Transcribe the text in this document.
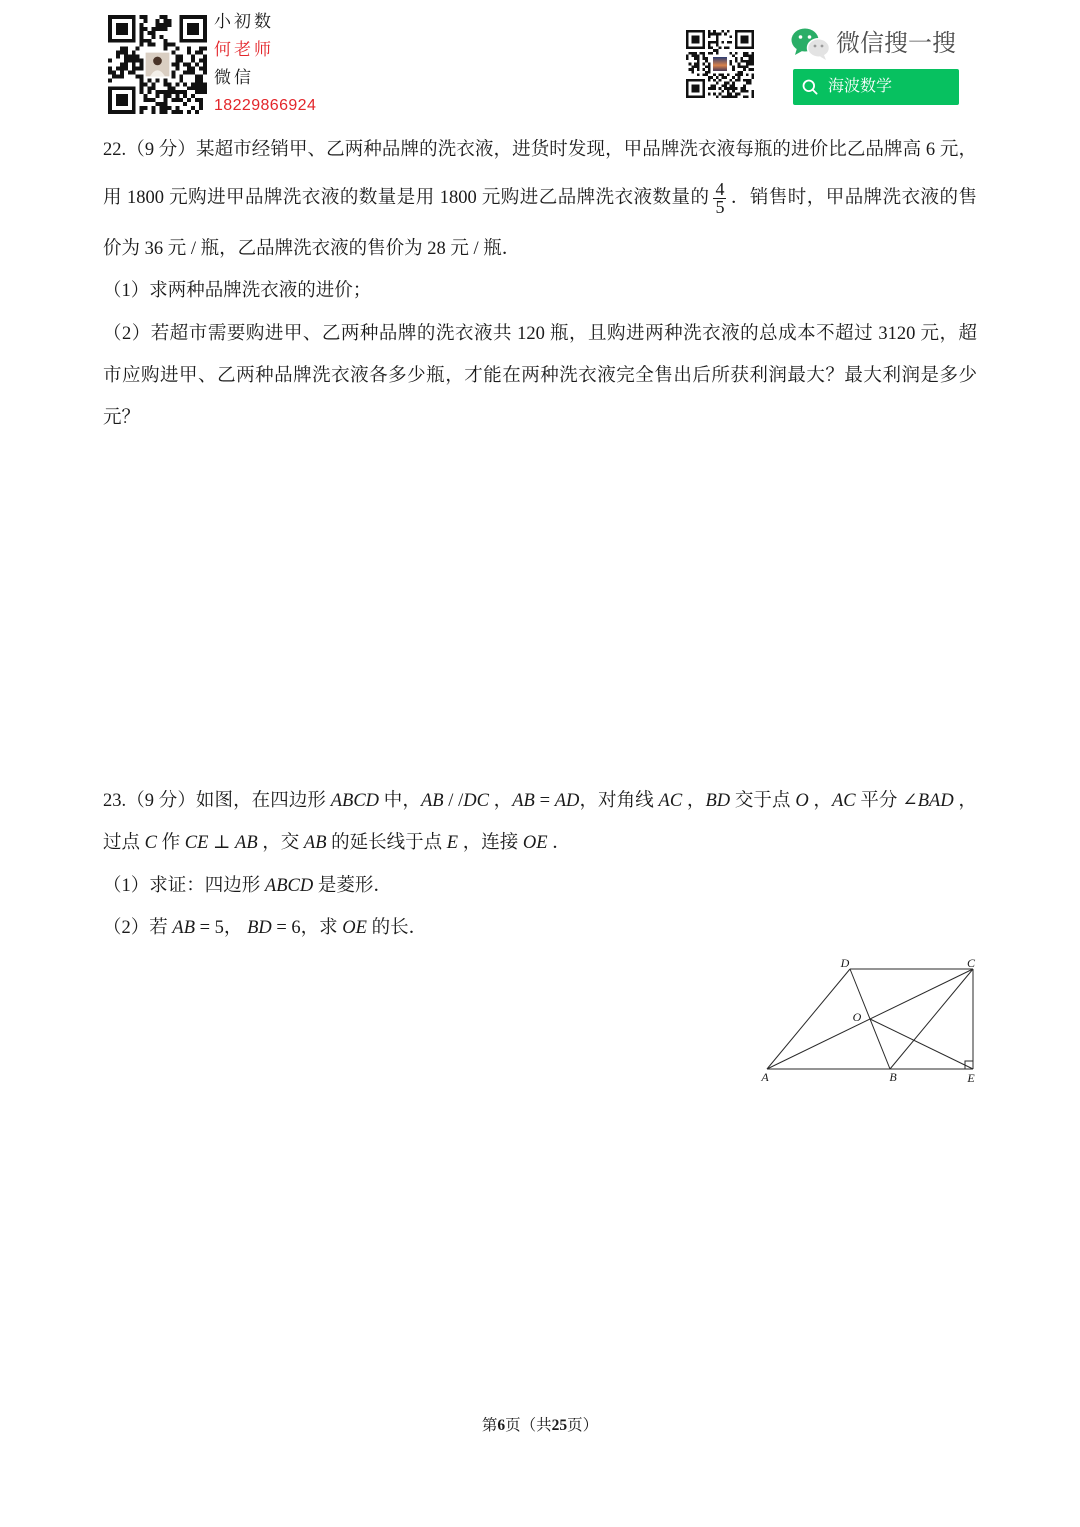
小初数
何老师
微信
18229866924
微信搜一搜
海波数学
22.（9 分）某超市经销甲、乙两种品牌的洗衣液，进货时发现，甲品牌洗衣液每瓶的进价比乙品牌高 6 元，
用 1800 元购进甲品牌洗衣液的数量是用 1800 元购进乙品牌洗衣液数量的 $\frac{4}{5}$ ．销售时，甲品牌洗衣液的售
价为 36 元 / 瓶，乙品牌洗衣液的售价为 28 元 / 瓶．
（1）求两种品牌洗衣液的进价；
（2）若超市需要购进甲、乙两种品牌的洗衣液共 120 瓶，且购进两种洗衣液的总成本不超过 3120 元，超
市应购进甲、乙两种品牌洗衣液各多少瓶，才能在两种洗衣液完全售出后所获利润最大？最大利润是多少
元？
23.（9 分）如图，在四边形 ABCD 中，AB / /DC ，AB = AD，对角线 AC ，BD 交于点 O ，AC 平分 ∠BAD ，
过点 C 作 CE ⊥ AB ，交 AB 的延长线于点 E ，连接 OE ．
（1）求证：四边形 ABCD 是菱形．
（2）若 AB = 5， BD = 6，求 OE 的长．
D	C
O
A	B	E
第6页（共25页）
